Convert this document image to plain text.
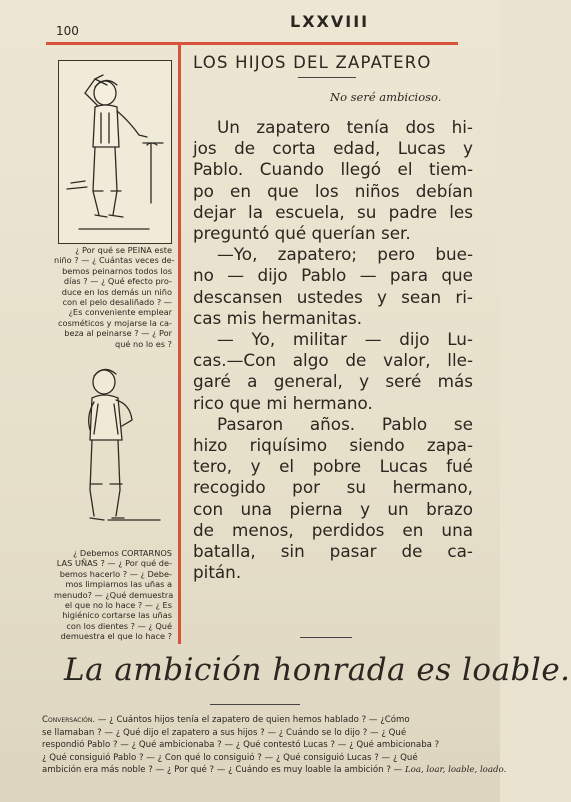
100	LXXVIII
¿ Por qué se PEINA este
niño ? — ¿ Cuántas veces de-
bemos peinarnos todos los
días ? — ¿ Qué efecto pro-
duce en los demás un niño
con el pelo desaliñado ? —
¿Es conveniente emplear
cosméticos y mojarse la ca-
beza al peinarse ? — ¿ Por
qué no lo es ?
¿ Debemos CORTARNOS
LAS UÑAS ? — ¿ Por qué de-
bemos hacerlo ? — ¿ Debe-
mos limpiarnos las uñas a
menudo? — ¿Qué demuestra
el que no lo hace ? — ¿ Es
higiénico cortarse las uñas
con los dientes ? — ¿ Qué
demuestra el que lo hace ?
LOS HIJOS DEL ZAPATERO
No seré ambicioso.
Un zapatero tenía dos hi-
jos de corta edad, Lucas y
Pablo. Cuando llegó el tiem-
po en que los niños debían
dejar la escuela, su padre les
preguntó qué querían ser.
—Yo, zapatero; pero bue-
no — dijo Pablo — para que
descansen ustedes y sean ri-
cas mis hermanitas.
— Yo, militar — dijo Lu-
cas.—Con algo de valor, lle-
garé a general, y seré más
rico que mi hermano.
Pasaron años. Pablo se
hizo riquísimo siendo zapa-
tero, y el pobre Lucas fué
recogido por su hermano,
con una pierna y un brazo
de menos, perdidos en una
batalla, sin pasar de ca-
pitán.
La ambición honrada es loable.
Conversación. — ¿ Cuántos hijos tenía el zapatero de quien hemos hablado ? — ¿Cómo
se llamaban ? — ¿ Qué dijo el zapatero a sus hijos ? — ¿ Cuándo se lo dijo ? — ¿ Qué
respondió Pablo ? — ¿ Qué ambicionaba ? — ¿ Qué contestó Lucas ? — ¿ Qué ambicionaba ?
¿ Qué consiguió Pablo ? — ¿ Con qué lo consiguió ? — ¿ Qué consiguió Lucas ? — ¿ Qué
ambición era más noble ? — ¿ Por qué ? — ¿ Cuándo es muy loable la ambición ? — Loa, loar, loable, loado.
